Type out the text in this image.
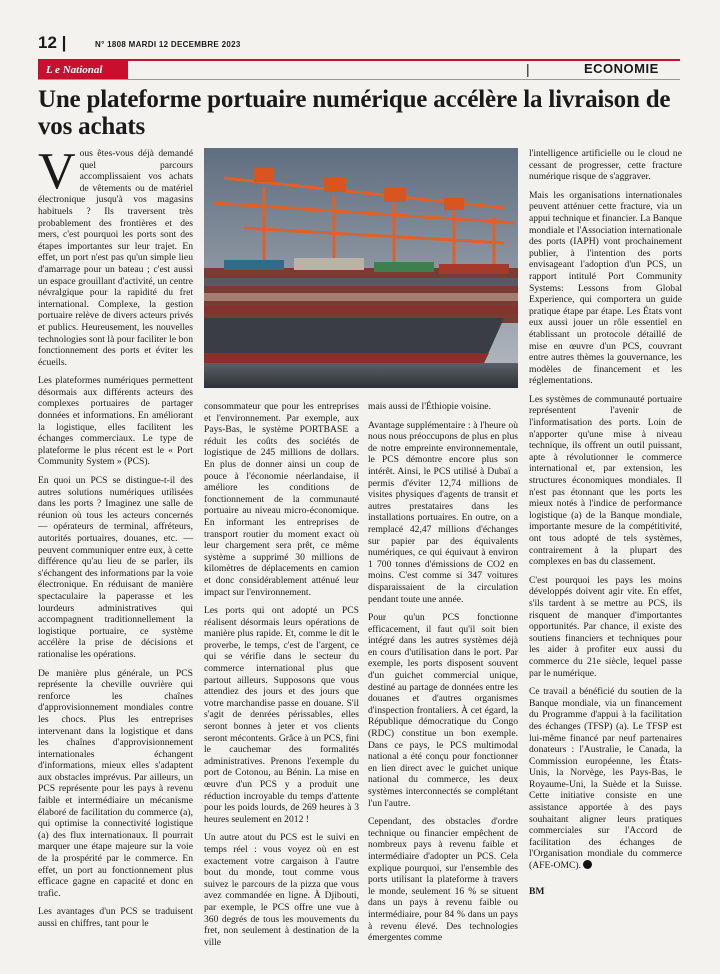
12 |	N° 1808 MARDI 12 DECEMBRE 2023
L e National	|	ECONOMIE
Une plateforme portuaire numérique accélère la livraison de vos achats

Vous êtes-vous déjà demandé quel parcours accomplissaient vos achats de vêtements ou de matériel électronique jusqu'à vos magasins habituels ? Ils traversent très probablement des frontières et des mers, c'est pourquoi les ports sont des étapes importantes sur leur trajet. En effet, un port n'est pas qu'un simple lieu d'amarrage pour un bateau ; c'est aussi un espace grouillant d'activité, un centre névralgique pour la rapidité du fret international. Complexe, la gestion portuaire relève de divers acteurs privés et publics. Heureusement, les nouvelles technologies sont là pour faciliter le bon fonctionnement des ports et éviter les écueils.

Les plateformes numériques permettent désormais aux différents acteurs des complexes portuaires de partager données et informations. En améliorant la logistique, elles facilitent les échanges commerciaux. Le type de plateforme le plus récent est le « Port Community System » (PCS).

En quoi un PCS se distingue-t-il des autres solutions numériques utilisées dans les ports ? Imaginez une salle de réunion où tous les acteurs concernés — opérateurs de terminal, affréteurs, autorités portuaires, douanes, etc. — peuvent communiquer entre eux, à cette différence qu'au lieu de se parler, ils s'échangent des informations par la voie électronique. En réduisant de manière spectaculaire la paperasse et les lourdeurs administratives qui accompagnent traditionnellement la logistique portuaire, ce système accélère la prise de décisions et rationalise les opérations.

De manière plus générale, un PCS représente la cheville ouvrière qui renforce les chaînes d'approvisionnement mondiales contre les chocs. Plus les entreprises intervenant dans la logistique et dans les chaînes d'approvisionnement internationales échangent d'informations, mieux elles s'adaptent aux obstacles imprévus. Par ailleurs, un PCS représente pour les pays à revenu faible et intermédiaire un mécanisme élaboré de facilitation du commerce (a), qui optimise la connectivité logistique (a) des flux internationaux. Il pourrait marquer une étape majeure sur la voie de la prospérité par le commerce. En effet, un port au fonctionnement plus efficace gagne en capacité et donc en trafic.

Les avantages d'un PCS se traduisent aussi en chiffres, tant pour le

consommateur que pour les entreprises et l'environnement. Par exemple, aux Pays-Bas, le système PORTBASE a réduit les coûts des sociétés de logistique de 245 millions de dollars. En plus de donner ainsi un coup de pouce à l'économie néerlandaise, il améliore les conditions de fonctionnement de la communauté portuaire au niveau micro-économique. En informant les entreprises de transport routier du moment exact où leur chargement sera prêt, ce même système a supprimé 30 millions de kilomètres de déplacements en camion et donc considérablement atténué leur impact sur l'environnement.

Les ports qui ont adopté un PCS réalisent désormais leurs opérations de manière plus rapide. Et, comme le dit le proverbe, le temps, c'est de l'argent, ce qui se vérifie dans le secteur du commerce international plus que partout ailleurs. Supposons que vous attendiez des jours et des jours que votre marchandise passe en douane. S'il s'agit de denrées périssables, elles seront bonnes à jeter et vos clients seront mécontents. Grâce à un PCS, fini le cauchemar des formalités administratives. Prenons l'exemple du port de Cotonou, au Bénin. La mise en œuvre d'un PCS y a produit une réduction incroyable du temps d'attente pour les poids lourds, de 269 heures à 3 heures seulement en 2012 !

Un autre atout du PCS est le suivi en temps réel : vous voyez où en est exactement votre cargaison à l'autre bout du monde, tout comme vous suivez le parcours de la pizza que vous avez commandée en ligne. À Djibouti, par exemple, le PCS offre une vue à 360 degrés de tous les mouvements du fret, non seulement à destination de la ville

mais aussi de l'Éthiopie voisine.

Avantage supplémentaire : à l'heure où nous nous préoccupons de plus en plus de notre empreinte environnementale, le PCS démontre encore plus son intérêt. Ainsi, le PCS utilisé à Dubaï a permis d'éviter 12,74 millions de visites physiques d'agents de transit et autres prestataires dans les installations portuaires. En outre, on a remplacé 42,47 millions d'échanges sur papier par des équivalents numériques, ce qui équivaut à environ 1 700 tonnes d'émissions de CO2 en moins. C'est comme si 347 voitures disparaissaient de la circulation pendant toute une année.

Pour qu'un PCS fonctionne efficacement, il faut qu'il soit bien intégré dans les autres systèmes déjà en cours d'utilisation dans le port. Par exemple, les ports disposent souvent d'un guichet commercial unique, destiné au partage de données entre les douanes et d'autres organismes d'inspection frontaliers. À cet égard, la République démocratique du Congo (RDC) constitue un bon exemple. Dans ce pays, le PCS multimodal national a été conçu pour fonctionner en lien direct avec le guichet unique national du commerce, les deux systèmes interconnectés se complétant l'un l'autre.

Cependant, des obstacles d'ordre technique ou financier empêchent de nombreux pays à revenu faible et intermédiaire d'adopter un PCS. Cela explique pourquoi, sur l'ensemble des ports utilisant la plateforme à travers le monde, seulement 16 % se situent dans un pays à revenu faible ou intermédiaire, pour 84 % dans un pays à revenu élevé. Des technologies émergentes comme

l'intelligence artificielle ou le cloud ne cessant de progresser, cette fracture numérique risque de s'aggraver.

Mais les organisations internationales peuvent atténuer cette fracture, via un appui technique et financier. La Banque mondiale et l'Association internationale des ports (IAPH) vont prochainement publier, à l'intention des ports envisageant l'adoption d'un PCS, un rapport intitulé Port Community Systems: Lessons from Global Experience, qui comportera un guide pratique étape par étape. Les États vont eux aussi jouer un rôle essentiel en établissant un protocole détaillé de mise en œuvre d'un PCS, couvrant entre autres thèmes la gouvernance, les modèles de financement et les réglementations.

Les systèmes de communauté portuaire représentent l'avenir de l'informatisation des ports. Loin de n'apporter qu'une mise à niveau technique, ils offrent un outil puissant, apte à révolutionner le commerce international et, par extension, les structures économiques mondiales. Il n'est pas étonnant que les ports les mieux notés à l'indice de performance logistique (a) de la Banque mondiale, importante mesure de la compétitivité, ont tous adopté de tels systèmes, contrairement à la plupart des complexes en bas du classement.

C'est pourquoi les pays les moins développés doivent agir vite. En effet, s'ils tardent à se mettre au PCS, ils risquent de manquer d'importantes opportunités. Par chance, il existe des soutiens financiers et techniques pour les aider à profiter eux aussi du commerce du 21e siècle, lequel passe par le numérique.

Ce travail a bénéficié du soutien de la Banque mondiale, via un financement du Programme d'appui à la facilitation des échanges (TFSP) (a). Le TFSP est lui-même financé par neuf partenaires donateurs : l'Australie, le Canada, la Commission européenne, les États-Unis, la Norvège, les Pays-Bas, le Royaume-Uni, la Suède et la Suisse. Cette initiative consiste en une assistance apportée à des pays souhaitant aligner leurs pratiques commerciales sur l'Accord de facilitation des échanges de l'Organisation mondiale du commerce (AFE-OMC).

BM
